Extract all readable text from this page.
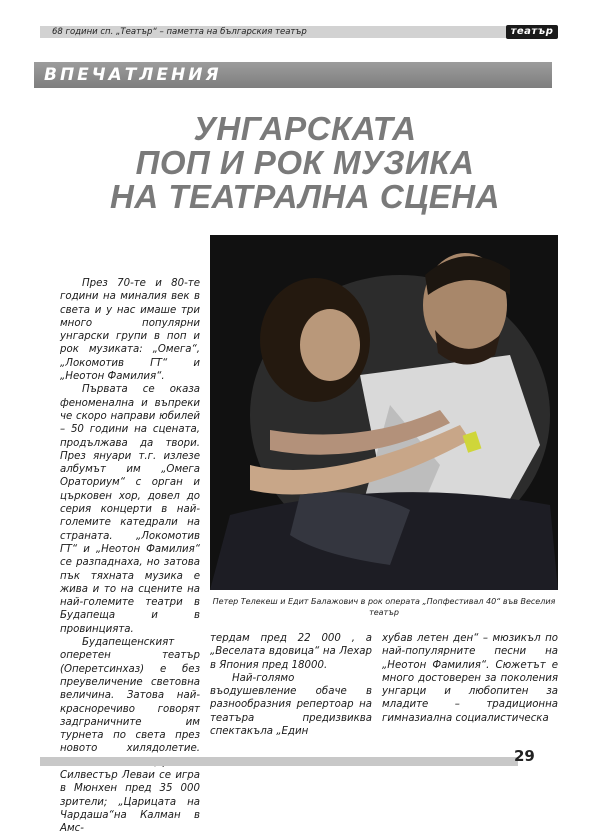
68 години сп. „Театър“ – паметта на българския театър	театър
ВПЕЧАТЛЕНИЯ
УНГАРСКАТА
ПОП И РОК МУЗИКА
НА ТЕАТРАЛНА СЦЕНА
Петер Телекеш и Едит Балажович в рок операта „Попфестивал 40“ във Веселия театър

През 70-те и 80-те години на миналия век в света и у нас имаше три много популярни унгарски групи в поп и рок музиката: „Омега“, „Локомотив ГТ“ и „Неотон Фамилия“.

Първата се оказа феноменална и въпреки че скоро направи юбилей – 50 години на сцената, продължава да твори. През януари т.г. излезе албумът им „Омега Ораториум“ с орган и църковен хор, довел до серия концерти в най-големите катедрали на страната. „Локомотив ГТ“ и „Неотон Фамилия“ се разпаднаха, но затова пък тяхната музика е жива и то на сцените на най-големите театри в Будапеща и в провинцията.

Будапещенският оперетен театър (Оперетсинхаз) е без преувеличение световна величина. Затова най-красноречиво говорят задграничните им турнета по света през новото хилядолетие. Силвестър Леваи се игра в Мюнхен пред 35 000 зрители; „Царицата на Чардаша“на Калман в Амс-

тердам пред 22 000 , а „Веселата вдовица“ на Лехар в Япония пред 18000.

Най-голямо въодушевление обаче в разнообразния репертоар на театъра предизвиква спектакъла „Един

хубав летен ден“ – мюзикъл по най-популярните песни на „Неотон Фамилия“. Сюжетът е много достоверен за поколения унгарци и любопитен за младите – традиционна гимназиална социалистическа

29
